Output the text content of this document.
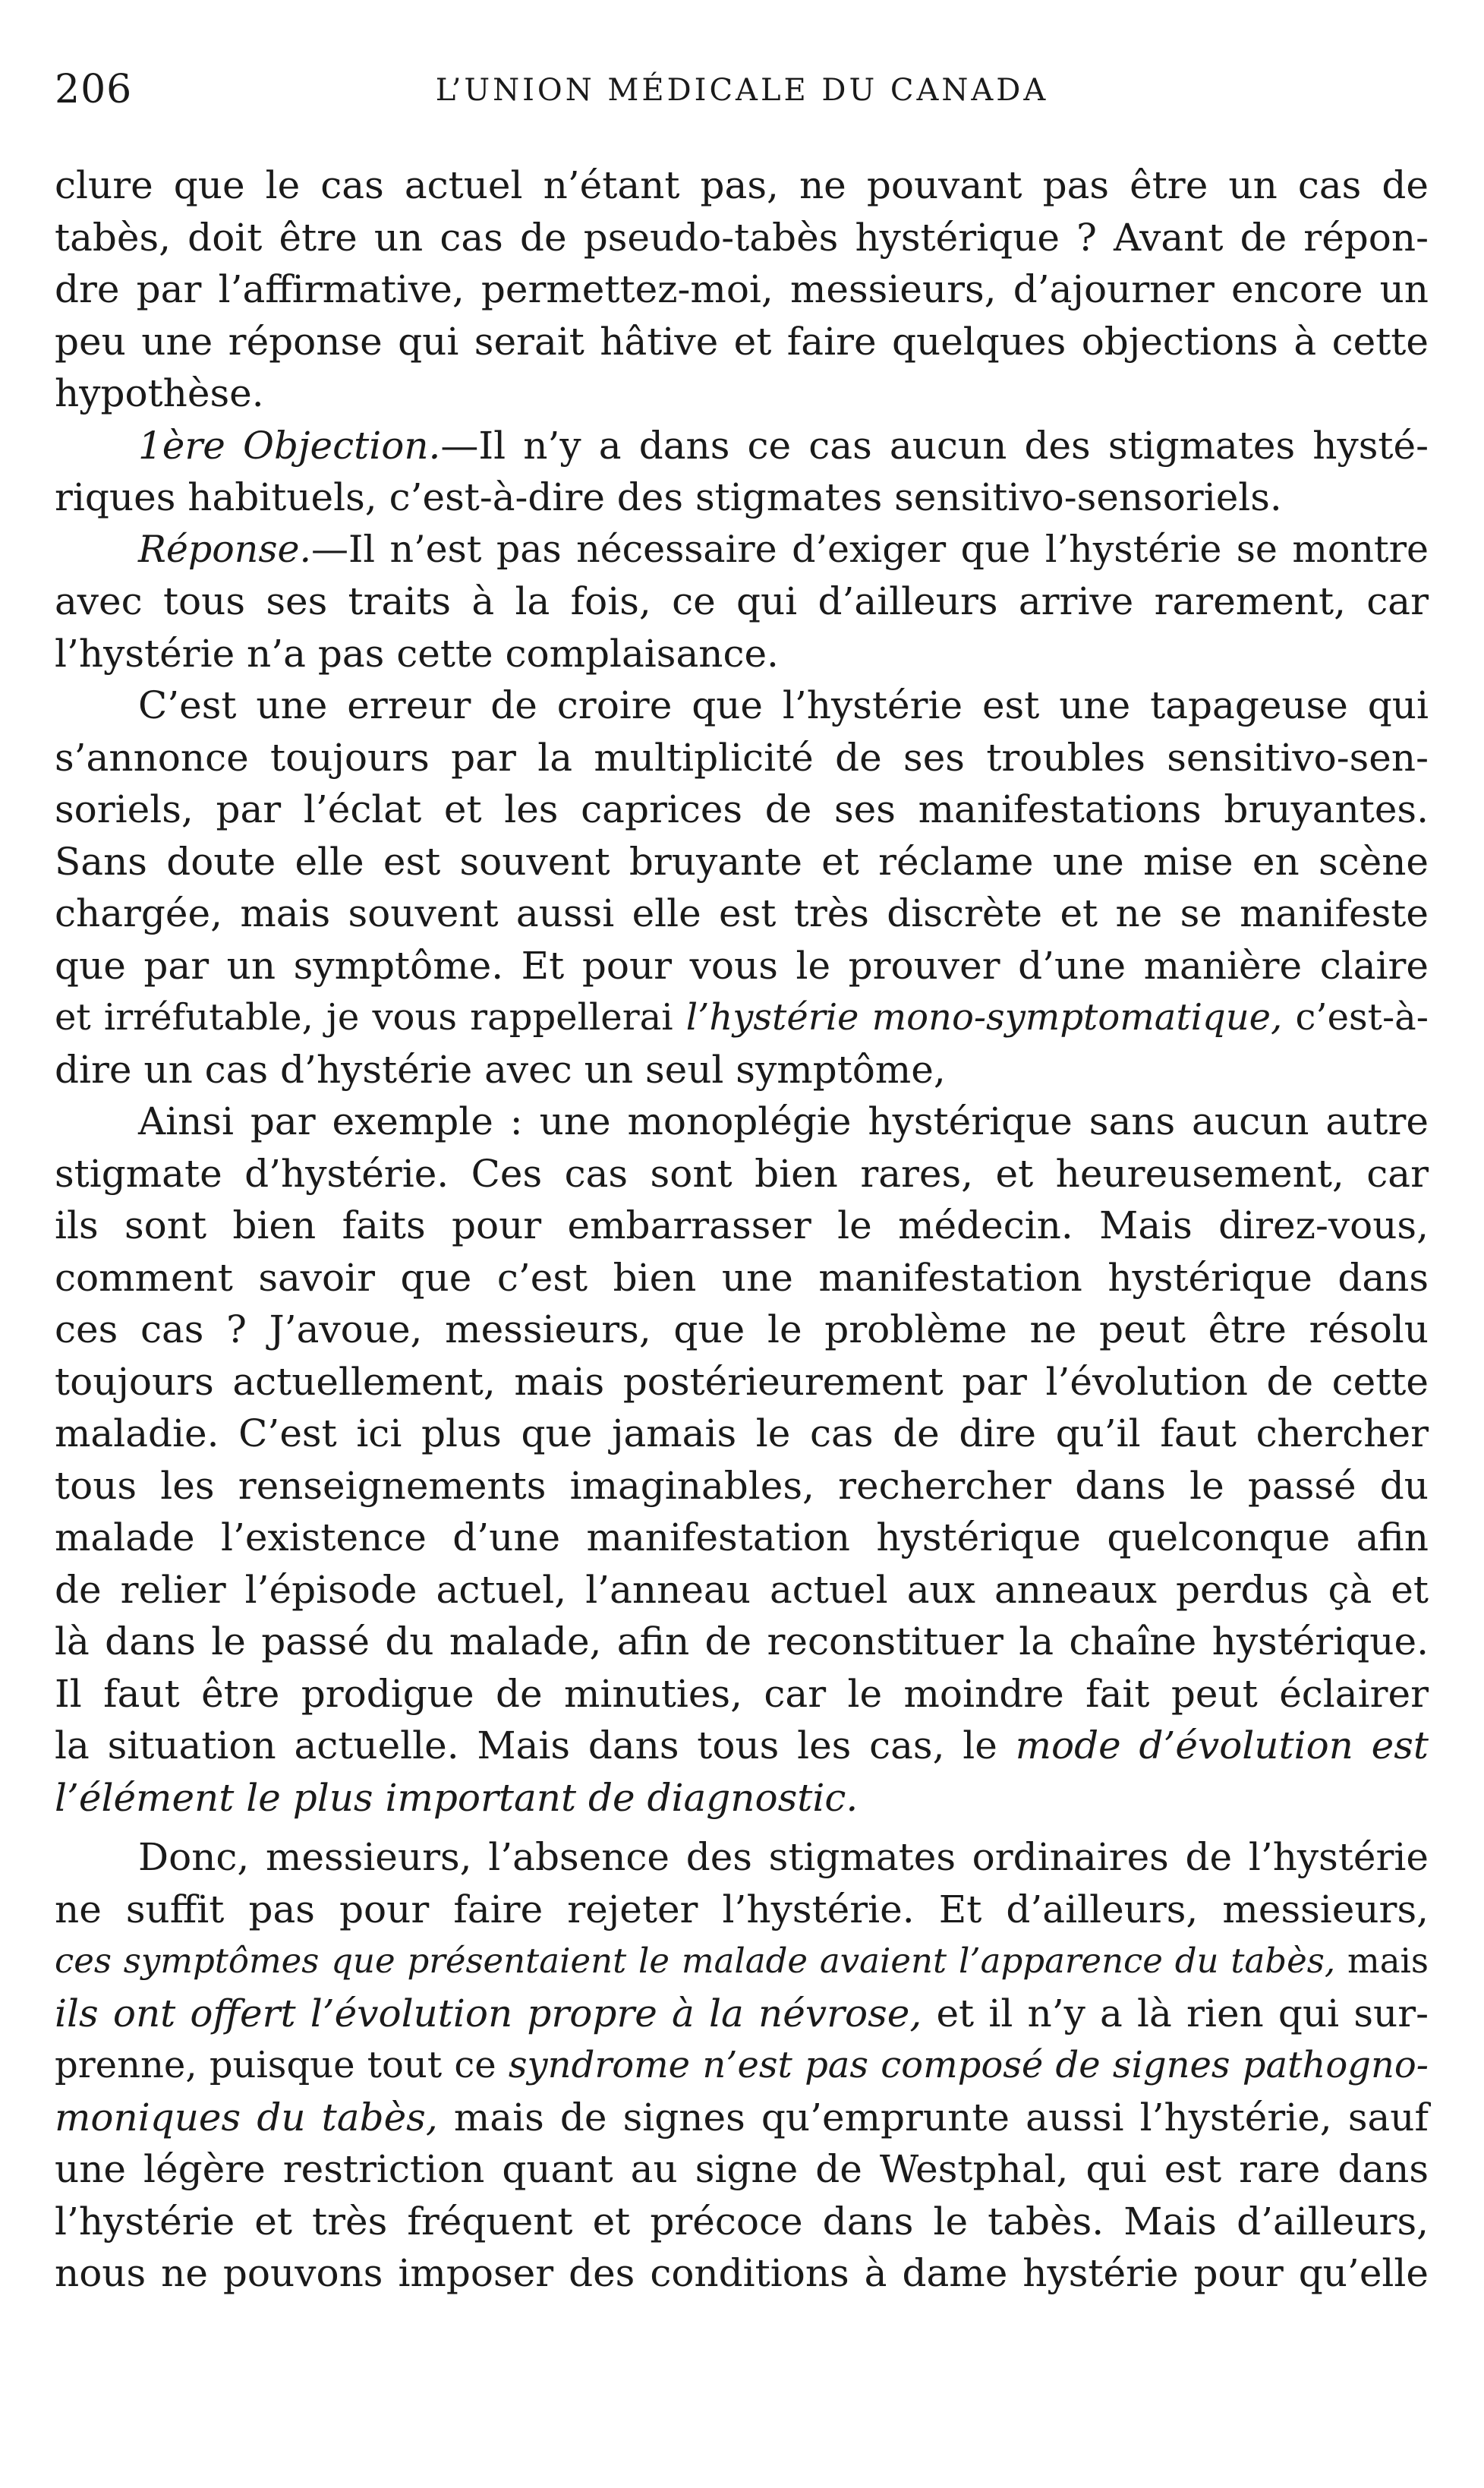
206	L’UNION MÉDICALE DU CANADA
clure que le cas actuel n’étant pas, ne pouvant pas être un cas de
tabès, doit être un cas de pseudo-tabès hystérique ? Avant de répon-
dre par l’affirmative, permettez-moi, messieurs, d’ajourner encore un
peu une réponse qui serait hâtive et faire quelques objections à cette
hypothèse.
1ère Objection.—Il n’y a dans ce cas aucun des stigmates hysté-
riques habituels, c’est-à-dire des stigmates sensitivo-sensoriels.
Réponse.—Il n’est pas nécessaire d’exiger que l’hystérie se montre
avec tous ses traits à la fois, ce qui d’ailleurs arrive rarement, car
l’hystérie n’a pas cette complaisance.
C’est une erreur de croire que l’hystérie est une tapageuse qui
s’annonce toujours par la multiplicité de ses troubles sensitivo-sen-
soriels, par l’éclat et les caprices de ses manifestations bruyantes.
Sans doute elle est souvent bruyante et réclame une mise en scène
chargée, mais souvent aussi elle est très discrète et ne se manifeste
que par un symptôme. Et pour vous le prouver d’une manière claire
et irréfutable, je vous rappellerai l’hystérie mono-symptomatique, c’est-à-
dire un cas d’hystérie avec un seul symptôme,
Ainsi par exemple : une monoplégie hystérique sans aucun autre
stigmate d’hystérie. Ces cas sont bien rares, et heureusement, car
ils sont bien faits pour embarrasser le médecin. Mais direz-vous,
comment savoir que c’est bien une manifestation hystérique dans
ces cas ? J’avoue, messieurs, que le problème ne peut être résolu
toujours actuellement, mais postérieurement par l’évolution de cette
maladie. C’est ici plus que jamais le cas de dire qu’il faut chercher
tous les renseignements imaginables, rechercher dans le passé du
malade l’existence d’une manifestation hystérique quelconque afin
de relier l’épisode actuel, l’anneau actuel aux anneaux perdus çà et
là dans le passé du malade, afin de reconstituer la chaîne hystérique.
Il faut être prodigue de minuties, car le moindre fait peut éclairer
la situation actuelle. Mais dans tous les cas, le mode d’évolution est
l’élément le plus important de diagnostic.
Donc, messieurs, l’absence des stigmates ordinaires de l’hystérie
ne suffit pas pour faire rejeter l’hystérie. Et d’ailleurs, messieurs,
ces symptômes que présentaient le malade avaient l’apparence du tabès, mais
ils ont offert l’évolution propre à la névrose, et il n’y a là rien qui sur-
prenne, puisque tout ce syndrome n’est pas composé de signes pathogno-
moniques du tabès, mais de signes qu’emprunte aussi l’hystérie, sauf
une légère restriction quant au signe de Westphal, qui est rare dans
l’hystérie et très fréquent et précoce dans le tabès. Mais d’ailleurs,
nous ne pouvons imposer des conditions à dame hystérie pour qu’elle
